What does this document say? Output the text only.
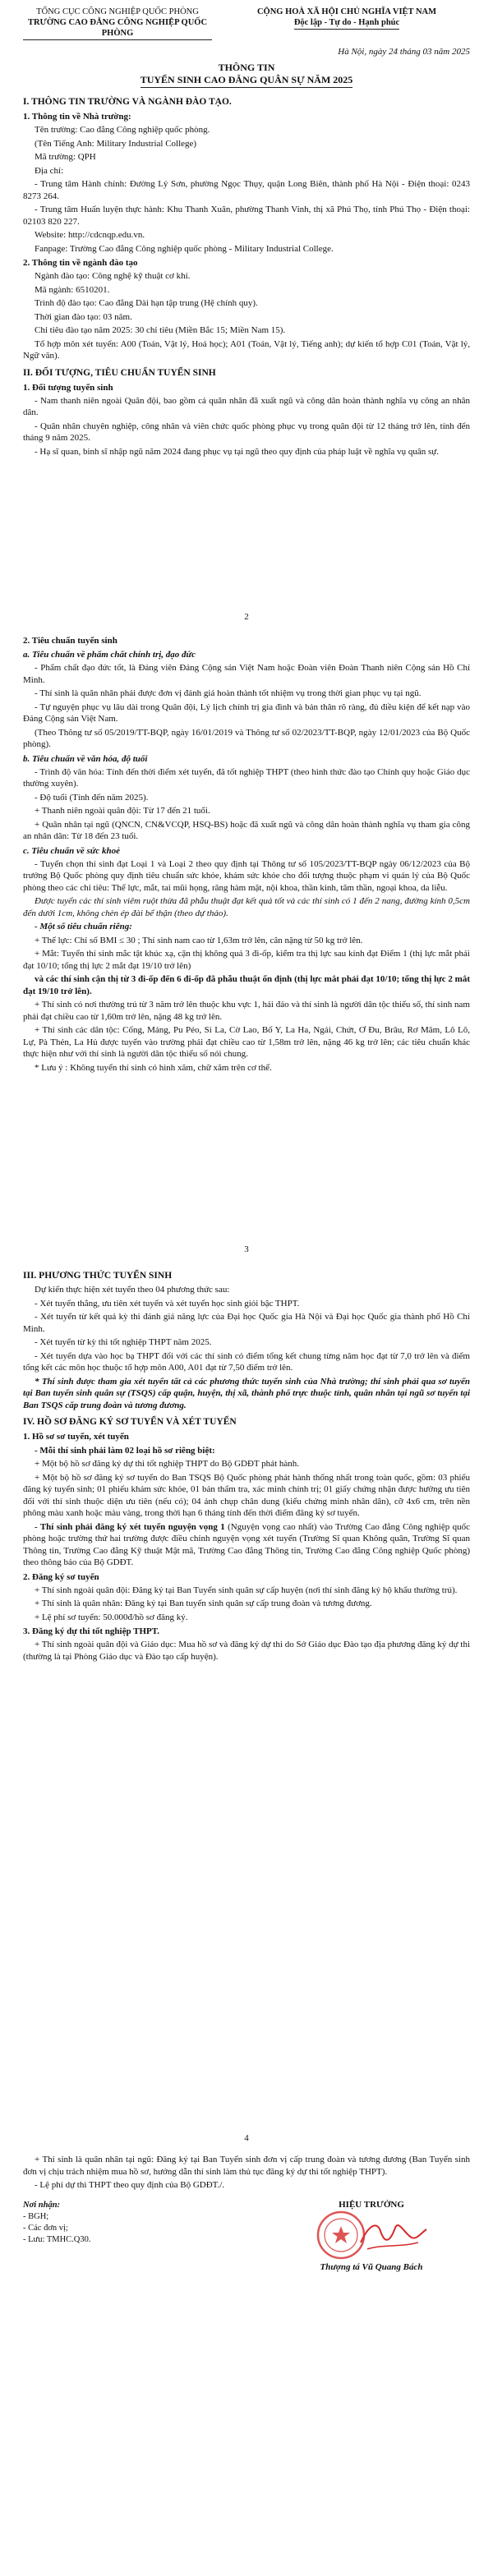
TỔNG CỤC CÔNG NGHIỆP QUỐC PHÒNG
TRƯỜNG CAO ĐẲNG CÔNG NGHIỆP QUỐC PHÒNG
CỘNG HOÀ XÃ HỘI CHỦ NGHĨA VIỆT NAM
Độc lập - Tự do - Hạnh phúc
Hà Nội, ngày 24 tháng 03 năm 2025
THÔNG TIN
TUYỂN SINH CAO ĐẲNG QUÂN SỰ NĂM 2025
I. THÔNG TIN TRƯỜNG VÀ NGÀNH ĐÀO TẠO.
1. Thông tin về Nhà trường:

Tên trường: Cao đẳng Công nghiệp quốc phòng.

(Tên Tiếng Anh: Military Industrial College)

Mã trường: QPH

Địa chỉ:

- Trung tâm Hành chính: Đường Lý Sơn, phường Ngọc Thụy, quận Long Biên, thành phố Hà Nội - Điện thoại: 0243 8273 264.

- Trung tâm Huấn luyện thực hành: Khu Thanh Xuân, phường Thanh Vinh, thị xã Phú Thọ, tỉnh Phú Thọ - Điện thoại: 02103 820 227.

Website: http://cdcnqp.edu.vn.

Fanpage: Trường Cao đẳng Công nghiệp quốc phòng - Military Industrial College.

2. Thông tin về ngành đào tạo

Ngành đào tạo: Công nghệ kỹ thuật cơ khí.

Mã ngành: 6510201.

Trình độ đào tạo: Cao đẳng Dài hạn tập trung (Hệ chính quy).

Thời gian đào tạo: 03 năm.

Chỉ tiêu đào tạo năm 2025: 30 chỉ tiêu (Miền Bắc 15; Miền Nam 15).

Tổ hợp môn xét tuyển: A00 (Toán, Vật lý, Hoá học); A01 (Toán, Vật lý, Tiếng anh); dự kiến tổ hợp C01 (Toán, Vật lý, Ngữ văn).

II. ĐỐI TƯỢNG, TIÊU CHUẨN TUYỂN SINH
1. Đối tượng tuyển sinh

- Nam thanh niên ngoài Quân đội, bao gồm cả quân nhân đã xuất ngũ và công dân hoàn thành nghĩa vụ công an nhân dân.

- Quân nhân chuyên nghiệp, công nhân và viên chức quốc phòng phục vụ trong quân đội từ 12 tháng trở lên, tính đến tháng 9 năm 2025.

- Hạ sĩ quan, binh sĩ nhập ngũ năm 2024 đang phục vụ tại ngũ theo quy định của pháp luật về nghĩa vụ quân sự.

2
2. Tiêu chuẩn tuyển sinh
a. Tiêu chuẩn về phẩm chất chính trị, đạo đức

- Phẩm chất đạo đức tốt, là Đảng viên Đảng Cộng sản Việt Nam hoặc Đoàn viên Đoàn Thanh niên Cộng sản Hồ Chí Minh.

- Thí sinh là quân nhân phải được đơn vị đánh giá hoàn thành tốt nhiệm vụ trong thời gian phục vụ tại ngũ.

- Tự nguyện phục vụ lâu dài trong Quân đội, Lý lịch chính trị gia đình và bản thân rõ ràng, đủ điều kiện để kết nạp vào Đảng Cộng sản Việt Nam.

(Theo Thông tư số 05/2019/TT-BQP, ngày 16/01/2019 và Thông tư số 02/2023/TT-BQP, ngày 12/01/2023 của Bộ Quốc phòng).

b. Tiêu chuẩn về văn hóa, độ tuổi

- Trình độ văn hóa: Tính đến thời điểm xét tuyển, đã tốt nghiệp THPT (theo hình thức đào tạo Chính quy hoặc Giáo dục thường xuyên).

- Độ tuổi (Tính đến năm 2025).

+ Thanh niên ngoài quân đội: Từ 17 đến 21 tuổi.

+ Quân nhân tại ngũ (QNCN, CN&VCQP, HSQ-BS) hoặc đã xuất ngũ và công dân hoàn thành nghĩa vụ tham gia công an nhân dân: Từ 18 đến 23 tuổi.

c. Tiêu chuẩn về sức khoẻ

- Tuyển chọn thí sinh đạt Loại 1 và Loại 2 theo quy định tại Thông tư số 105/2023/TT-BQP ngày 06/12/2023 của Bộ trưởng Bộ Quốc phòng quy định tiêu chuẩn sức khỏe, khám sức khỏe cho đối tượng thuộc phạm vi quản lý của Bộ Quốc phòng theo các chỉ tiêu: Thể lực, mắt, tai mũi họng, răng hàm mặt, nội khoa, thần kinh, tâm thần, ngoại khoa, da liễu.

Được tuyển các thí sinh viêm ruột thừa đã phẫu thuật đạt kết quả tốt và các thí sinh có 1 đến 2 nang, đường kính 0,5cm đến dưới 1cm, không chèn ép đài bể thận (theo dự thảo).

- Một số tiêu chuẩn riêng:

+ Thể lực: Chỉ số BMI ≤ 30 ; Thí sinh nam cao từ 1,63m trở lên, cân nặng từ 50 kg trở lên.

+ Mắt: Tuyển thí sinh mắc tật khúc xạ, cận thị không quá 3 đi-ốp, kiểm tra thị lực sau kính đạt Điểm 1 (thị lực mắt phải đạt 10/10; tổng thị lực 2 mắt đạt 19/10 trở lên)

và các thí sinh cận thị từ 3 đi-ốp đến 6 đi-ốp đã phẫu thuật ổn định (thị lực mắt phải đạt 10/10; tổng thị lực 2 mắt đạt 19/10 trở lên).

+ Thí sinh có nơi thường trú từ 3 năm trở lên thuộc khu vực 1, hải đảo và thí sinh là người dân tộc thiểu số, thí sinh nam phải đạt chiều cao từ 1,60m trở lên, nặng 48 kg trở lên.

+ Thí sinh các dân tộc: Cống, Mảng, Pu Péo, Si La, Cờ Lao, Bố Y, La Ha, Ngái, Chứt, Ơ Đu, Brâu, Rơ Măm, Lô Lô, Lự, Pà Thẻn, La Hủ được tuyển vào trường phải đạt chiều cao từ 1,58m trở lên, nặng 46 kg trở lên; các tiêu chuẩn khác thực hiện như với thí sinh là người dân tộc thiểu số nói chung.

* Lưu ý : Không tuyển thí sinh có hình xăm, chữ xăm trên cơ thể.

3
III. PHƯƠNG THỨC TUYỂN SINH

Dự kiến thực hiện xét tuyển theo 04 phương thức sau:

- Xét tuyển thẳng, ưu tiên xét tuyển và xét tuyển học sinh giỏi bậc THPT.

- Xét tuyển từ kết quả kỳ thi đánh giá năng lực của Đại học Quốc gia Hà Nội và Đại học Quốc gia thành phố Hồ Chí Minh.

- Xét tuyển từ kỳ thi tốt nghiệp THPT năm 2025.

- Xét tuyển dựa vào học bạ THPT đối với các thí sinh có điểm tổng kết chung từng năm học đạt từ 7,0 trở lên và điểm tổng kết các môn học thuộc tổ hợp môn A00, A01 đạt từ 7,50 điểm trở lên.

* Thí sinh được tham gia xét tuyển tất cả các phương thức tuyển sinh của Nhà trường; thí sinh phải qua sơ tuyển tại Ban tuyển sinh quân sự (TSQS) cấp quận, huyện, thị xã, thành phố trực thuộc tỉnh, quân nhân tại ngũ sơ tuyển tại Ban TSQS cấp trung đoàn và tương đương.

IV. HỒ SƠ ĐĂNG KÝ SƠ TUYỂN VÀ XÉT TUYỂN
1. Hồ sơ sơ tuyển, xét tuyển
- Mỗi thí sinh phải làm 02 loại hồ sơ riêng biệt:

+ Một bộ hồ sơ đăng ký dự thi tốt nghiệp THPT do Bộ GDĐT phát hành.

+ Một bộ hồ sơ đăng ký sơ tuyển do Ban TSQS Bộ Quốc phòng phát hành thống nhất trong toàn quốc, gồm: 03 phiếu đăng ký tuyển sinh; 01 phiếu khám sức khỏe, 01 bản thẩm tra, xác minh chính trị; 01 giấy chứng nhận được hưởng ưu tiên đối với thí sinh thuộc diện ưu tiên (nếu có); 04 ảnh chụp chân dung (kiểu chứng minh nhân dân), cỡ 4x6 cm, trên nền phông màu xanh hoặc màu vàng, trong thời hạn 6 tháng tính đến thời điểm đăng ký sơ tuyển.

- Thí sinh phải đăng ký xét tuyển nguyện vọng 1 (Nguyện vọng cao nhất) vào Trường Cao đẳng Công nghiệp quốc phòng hoặc trường thứ hai trường được điều chỉnh nguyện vọng xét tuyển (Trường Sĩ quan Không quân, Trường Sĩ quan Thông tin, Trường Cao đẳng Kỹ thuật Mật mã, Trường Cao đẳng Thông tin, Trường Cao đẳng Công nghiệp Quốc phòng) theo thông báo của Bộ GDĐT.

2. Đăng ký sơ tuyển

+ Thí sinh ngoài quân đội: Đăng ký tại Ban Tuyển sinh quân sự cấp huyện (nơi thí sinh đăng ký hộ khẩu thường trú).

+ Thí sinh là quân nhân: Đăng ký tại Ban tuyển sinh quân sự cấp trung đoàn và tương đương.

+ Lệ phí sơ tuyển: 50.000đ/hồ sơ đăng ký.

3. Đăng ký dự thi tốt nghiệp THPT.

+ Thí sinh ngoài quân đội và Giáo dục: Mua hồ sơ và đăng ký dự thi do Sở Giáo dục Đào tạo địa phương đăng ký dự thi (thường là tại Phòng Giáo dục và Đào tạo cấp huyện).

4

+ Thí sinh là quân nhân tại ngũ: Đăng ký tại Ban Tuyển sinh đơn vị cấp trung đoàn và tương đương (Ban Tuyển sinh đơn vị chịu trách nhiệm mua hồ sơ, hướng dẫn thí sinh làm thủ tục đăng ký dự thi tốt nghiệp THPT).

- Lệ phí dự thi THPT theo quy định của Bộ GDĐT./.

Nơi nhận:
- BGH;
- Các đơn vị;
- Lưu: TMHC.Q30.
HIỆU TRƯỞNG
Thượng tá Vũ Quang Bách
